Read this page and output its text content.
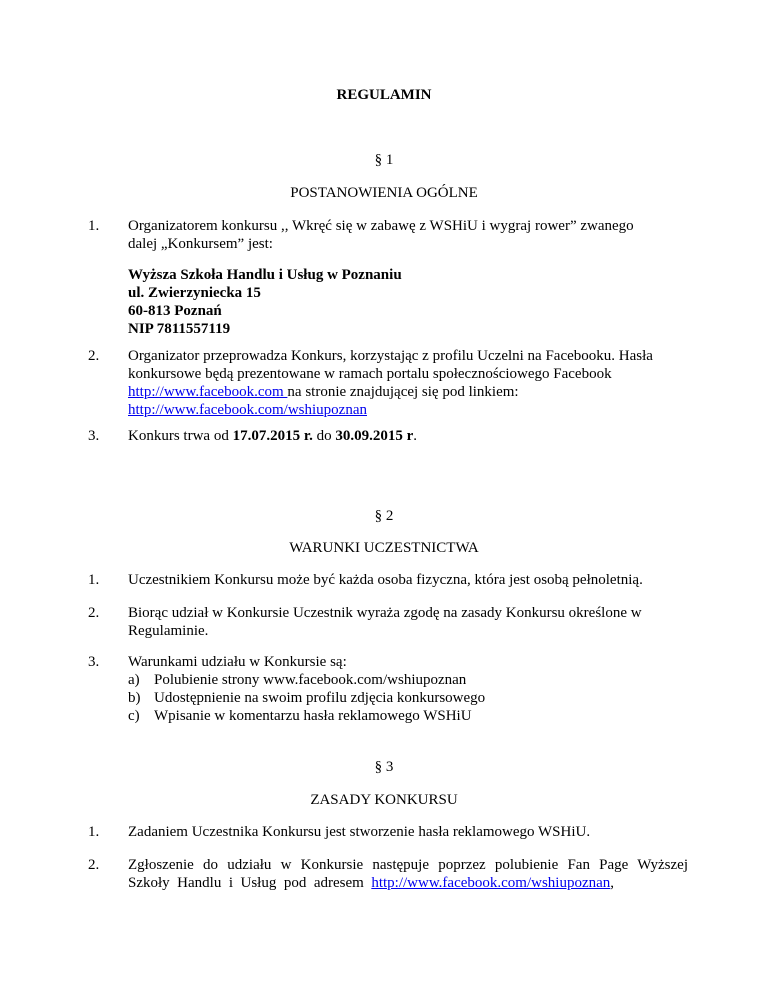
REGULAMIN
§ 1
POSTANOWIENIA OGÓLNE
1.	Organizatorem konkursu ,, Wkręć się w zabawę z WSHiU i wygraj rower” zwanego
dalej „Konkursem” jest:
Wyższa Szkoła Handlu i Usług w Poznaniu
ul. Zwierzyniecka 15
60-813 Poznań
NIP 7811557119
2.	Organizator przeprowadza Konkurs, korzystając z profilu Uczelni na Facebooku. Hasła
konkursowe będą prezentowane w ramach portalu społecznościowego Facebook
http://www.facebook.com na stronie znajdującej się pod linkiem:
http://www.facebook.com/wshiupoznan
3.	Konkurs trwa od 17.07.2015 r. do 30.09.2015 r.
§ 2
WARUNKI UCZESTNICTWA
1.	Uczestnikiem Konkursu może być każda osoba fizyczna, która jest osobą pełnoletnią.
2.	Biorąc udział w Konkursie Uczestnik wyraża zgodę na zasady Konkursu określone w
Regulaminie.
3.	Warunkami udziału w Konkursie są:
a) Polubienie strony www.facebook.com/wshiupoznan
b) Udostępnienie na swoim profilu zdjęcia konkursowego
c) Wpisanie w komentarzu hasła reklamowego WSHiU
§ 3
ZASADY KONKURSU
1.	Zadaniem Uczestnika Konkursu jest stworzenie hasła reklamowego WSHiU.
2.	Zgłoszenie do udziału w Konkursie następuje poprzez polubienie Fan Page Wyższej
Szkoły  Handlu  i  Usług  pod  adresem  http://www.facebook.com/wshiupoznan,
